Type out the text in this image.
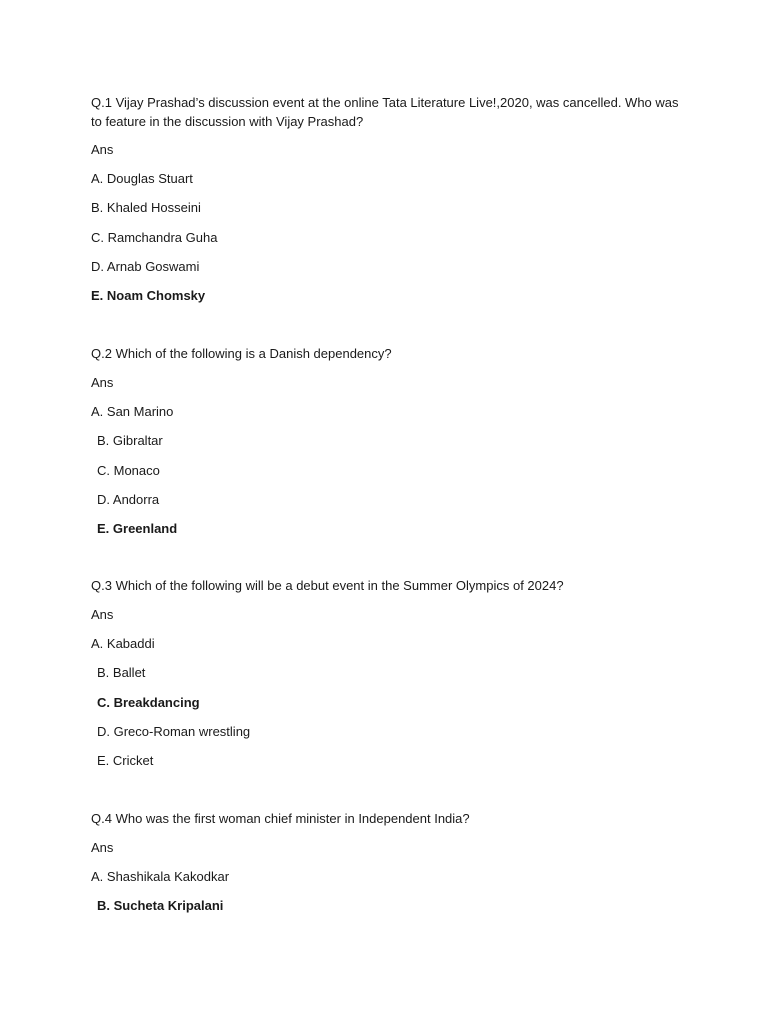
Q.1 Vijay Prashad’s discussion event at the online Tata Literature Live!,2020, was cancelled. Who was to feature in the discussion with Vijay Prashad?

Ans
A. Douglas Stuart
B. Khaled Hosseini
C. Ramchandra Guha
D. Arnab Goswami
E. Noam Chomsky

Q.2 Which of the following is a Danish dependency?

Ans
A. San Marino
B. Gibraltar
C. Monaco
D. Andorra
E. Greenland

Q.3 Which of the following will be a debut event in the Summer Olympics of 2024?

Ans
A. Kabaddi
B. Ballet
C. Breakdancing
D. Greco-Roman wrestling
E. Cricket

Q.4 Who was the first woman chief minister in Independent India?

Ans
A. Shashikala Kakodkar
B. Sucheta Kripalani
